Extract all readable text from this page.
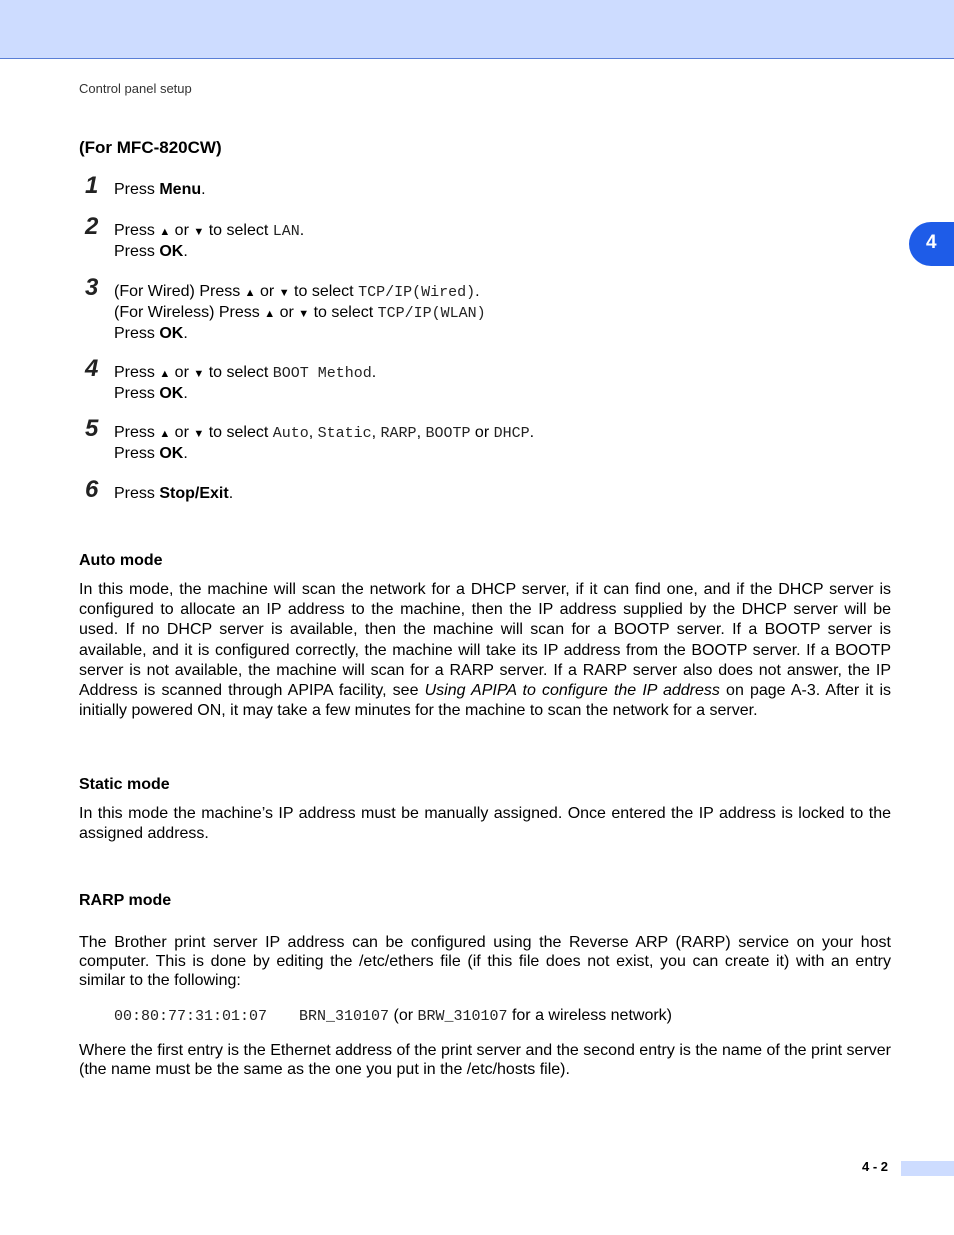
Control panel setup
4
(For MFC-820CW)
1 Press Menu.
2 Press ▲ or ▼ to select LAN.
Press OK.
3 (For Wired) Press ▲ or ▼ to select TCP/IP(Wired).
(For Wireless) Press ▲ or ▼ to select TCP/IP(WLAN)
Press OK.
4 Press ▲ or ▼ to select BOOT Method.
Press OK.
5 Press ▲ or ▼ to select Auto, Static, RARP, BOOTP or DHCP.
Press OK.
6 Press Stop/Exit.
Auto mode
In this mode, the machine will scan the network for a DHCP server, if it can find one, and if the DHCP server is configured to allocate an IP address to the machine, then the IP address supplied by the DHCP server will be used. If no DHCP server is available, then the machine will scan for a BOOTP server. If a BOOTP server is available, and it is configured correctly, the machine will take its IP address from the BOOTP server. If a BOOTP server is not available, the machine will scan for a RARP server. If a RARP server also does not answer, the IP Address is scanned through APIPA facility, see Using APIPA to configure the IP address on page A-3. After it is initially powered ON, it may take a few minutes for the machine to scan the network for a server.
Static mode
In this mode the machine’s IP address must be manually assigned. Once entered the IP address is locked to the assigned address.
RARP mode
The Brother print server IP address can be configured using the Reverse ARP (RARP) service on your host computer. This is done by editing the /etc/ethers file (if this file does not exist, you can create it) with an entry similar to the following:
00:80:77:31:01:07 BRN_310107 (or BRW_310107 for a wireless network)
Where the first entry is the Ethernet address of the print server and the second entry is the name of the print server (the name must be the same as the one you put in the /etc/hosts file).
4 - 2
